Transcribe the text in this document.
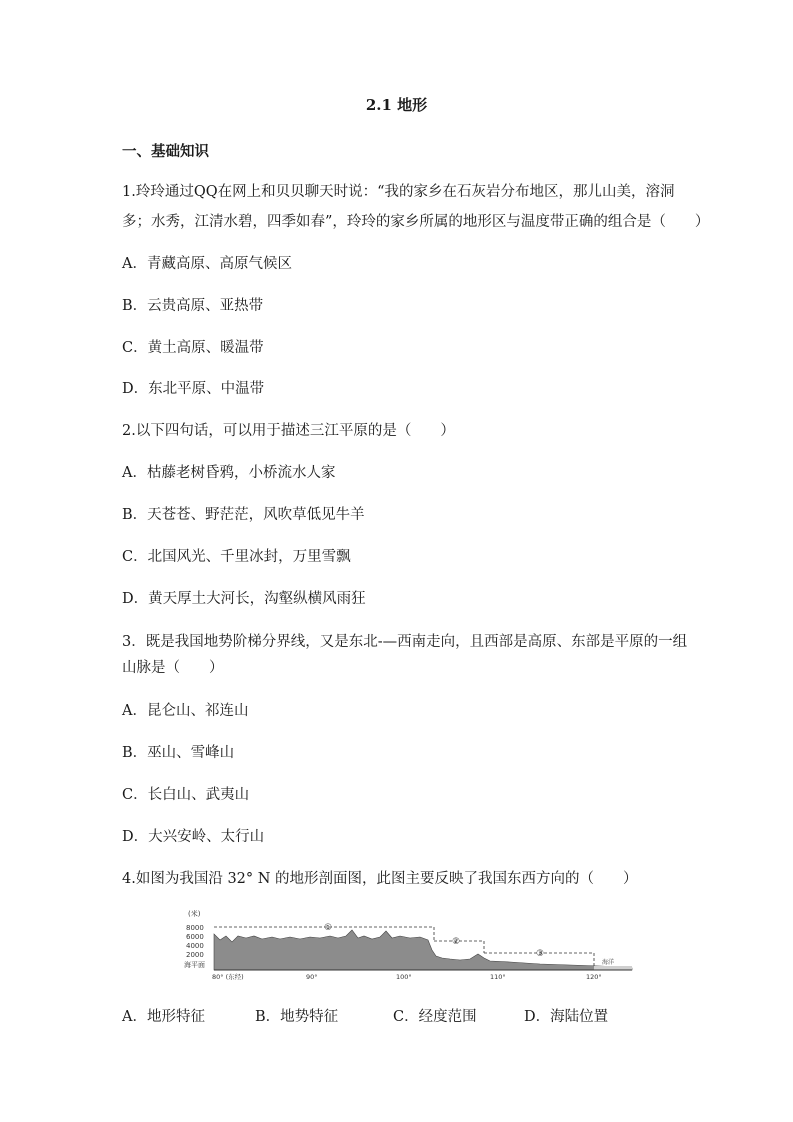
2.1 地形
一、基础知识
1.玲玲通过QQ在网上和贝贝聊天时说：“我的家乡在石灰岩分布地区，那儿山美，溶洞
多；水秀，江清水碧，四季如春”，玲玲的家乡所属的地形区与温度带正确的组合是（　　）
A．青藏高原、高原气候区
B．云贵高原、亚热带
C．黄土高原、暖温带
D．东北平原、中温带
2.以下四句话，可以用于描述三江平原的是（　　）
A．枯藤老树昏鸦，小桥流水人家
B．天苍苍、野茫茫，风吹草低见牛羊
C．北国风光、千里冰封，万里雪飘
D．黄天厚土大河长，沟壑纵横风雨狂
3．既是我国地势阶梯分界线，又是东北-—西南走向，且西部是高原、东部是平原的一组
山脉是（　　）
A．昆仑山、祁连山
B．巫山、雪峰山
C．长白山、武夷山
D．大兴安岭、太行山
4.如图为我国沿 32° N 的地形剖面图，此图主要反映了我国东西方向的（　　）
(米)
8000
6000
4000
2000
海平面	海洋
①
②
③
80° (东经)	90°	100°	110°	120°
A．地形特征	B．地势特征	C．经度范围	D．海陆位置
